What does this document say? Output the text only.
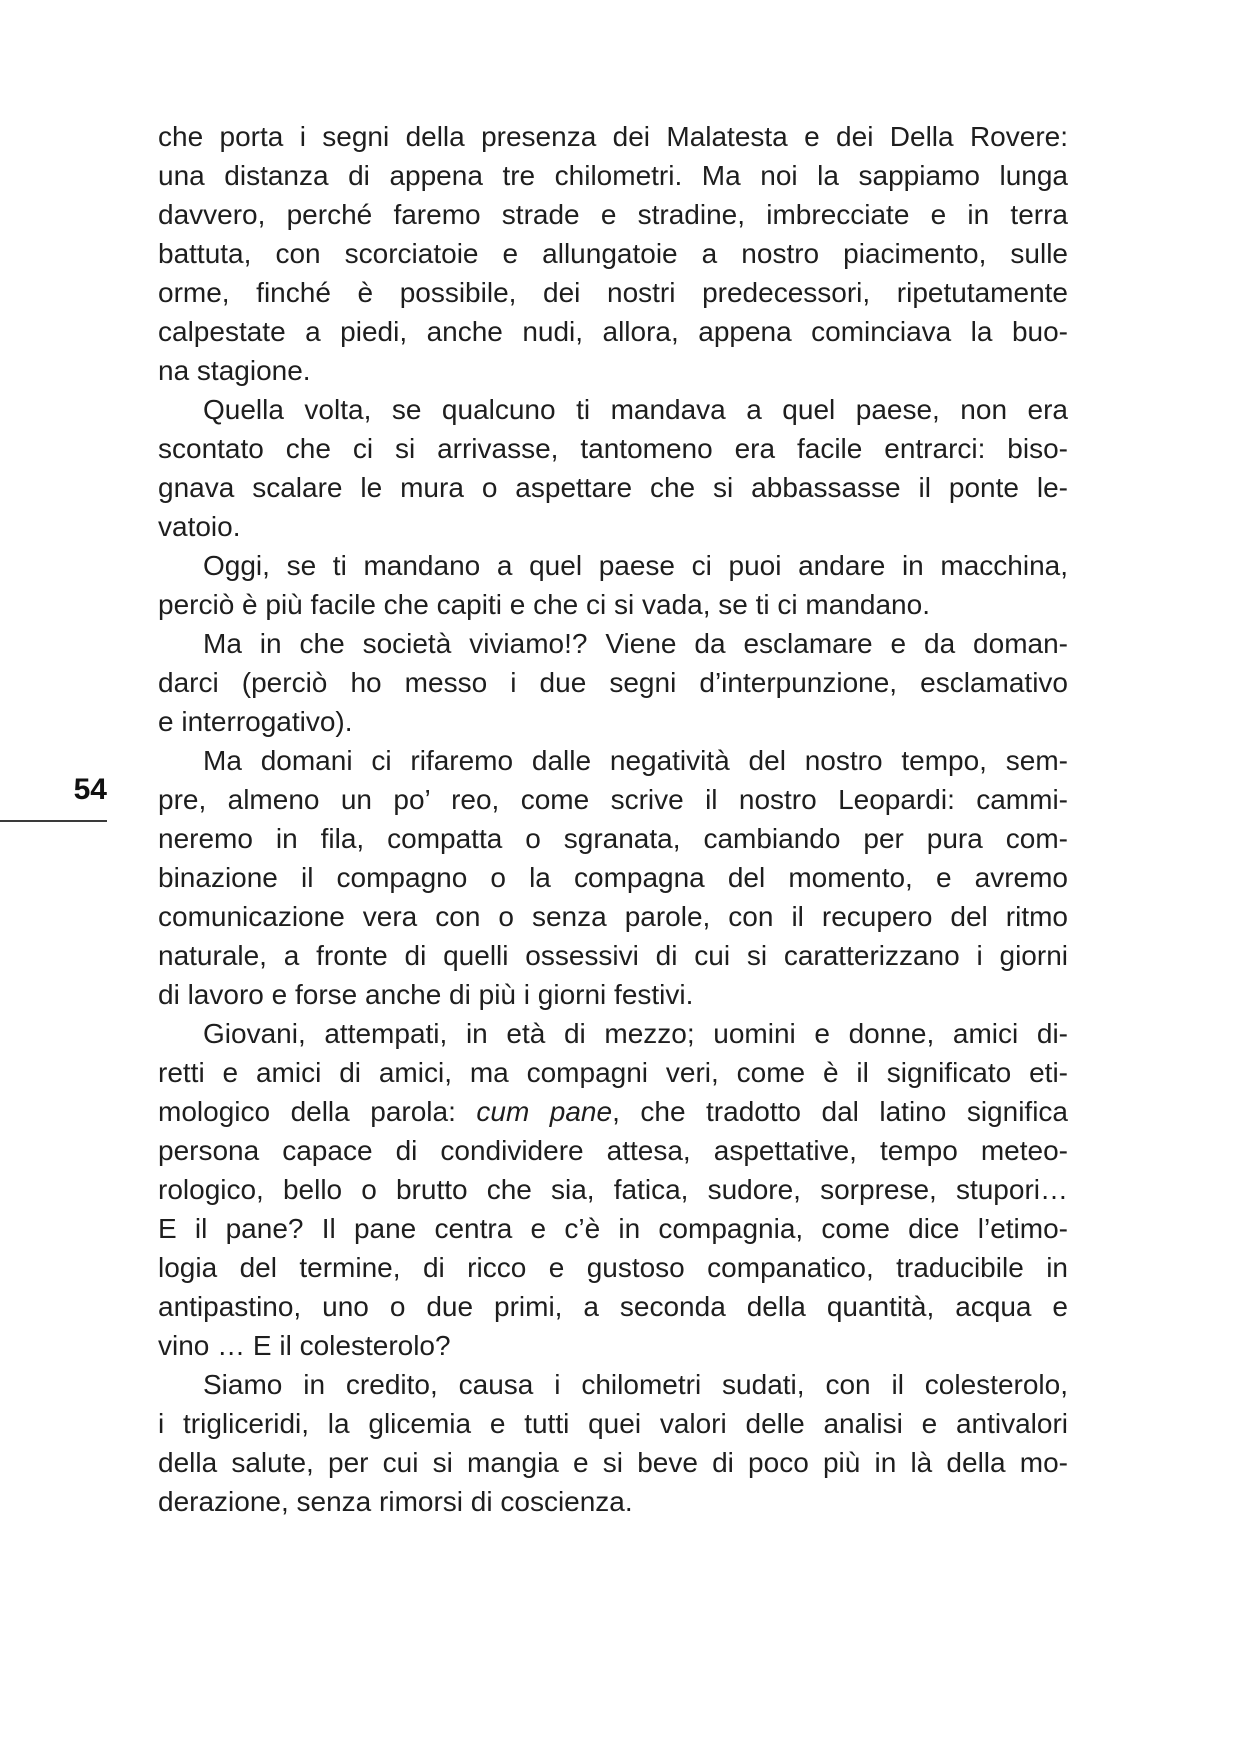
54
che porta i segni della presenza dei Malatesta e dei Della Rovere:
una distanza di appena tre chilometri. Ma noi la sappiamo lunga
davvero, perché faremo strade e stradine, imbrecciate e in terra
battuta, con scorciatoie e allungatoie a nostro piacimento, sulle
orme, finché è possibile, dei nostri predecessori, ripetutamente
calpestate a piedi, anche nudi, allora, appena cominciava la buo-
na stagione.
Quella volta, se qualcuno ti mandava a quel paese, non era
scontato che ci si arrivasse, tantomeno era facile entrarci: biso-
gnava scalare le mura o aspettare che si abbassasse il ponte le-
vatoio.
Oggi, se ti mandano a quel paese ci puoi andare in macchina,
perciò è più facile che capiti e che ci si vada, se ti ci mandano.
Ma in che società viviamo!? Viene da esclamare e da doman-
darci (perciò ho messo i due segni d’interpunzione, esclamativo
e interrogativo).
Ma domani ci rifaremo dalle negatività del nostro tempo, sem-
pre, almeno un po’ reo, come scrive il nostro Leopardi: cammi-
neremo in fila, compatta o sgranata, cambiando per pura com-
binazione il compagno o la compagna del momento, e avremo
comunicazione vera con o senza parole, con il recupero del ritmo
naturale, a fronte di quelli ossessivi di cui si caratterizzano i giorni
di lavoro e forse anche di più i giorni festivi.
Giovani, attempati, in età di mezzo; uomini e donne, amici di-
retti e amici di amici, ma compagni veri, come è il significato eti-
mologico della parola: cum pane, che tradotto dal latino significa
persona capace di condividere attesa, aspettative, tempo meteo-
rologico, bello o brutto che sia, fatica, sudore, sorprese, stupori…
E il pane? Il pane centra e c’è in compagnia, come dice l’etimo-
logia del termine, di ricco e gustoso companatico, traducibile in
antipastino, uno o due primi, a seconda della quantità, acqua e
vino … E il colesterolo?
Siamo in credito, causa i chilometri sudati, con il colesterolo,
i trigliceridi, la glicemia e tutti quei valori delle analisi e antivalori
della salute, per cui si mangia e si beve di poco più in là della mo-
derazione, senza rimorsi di coscienza.
